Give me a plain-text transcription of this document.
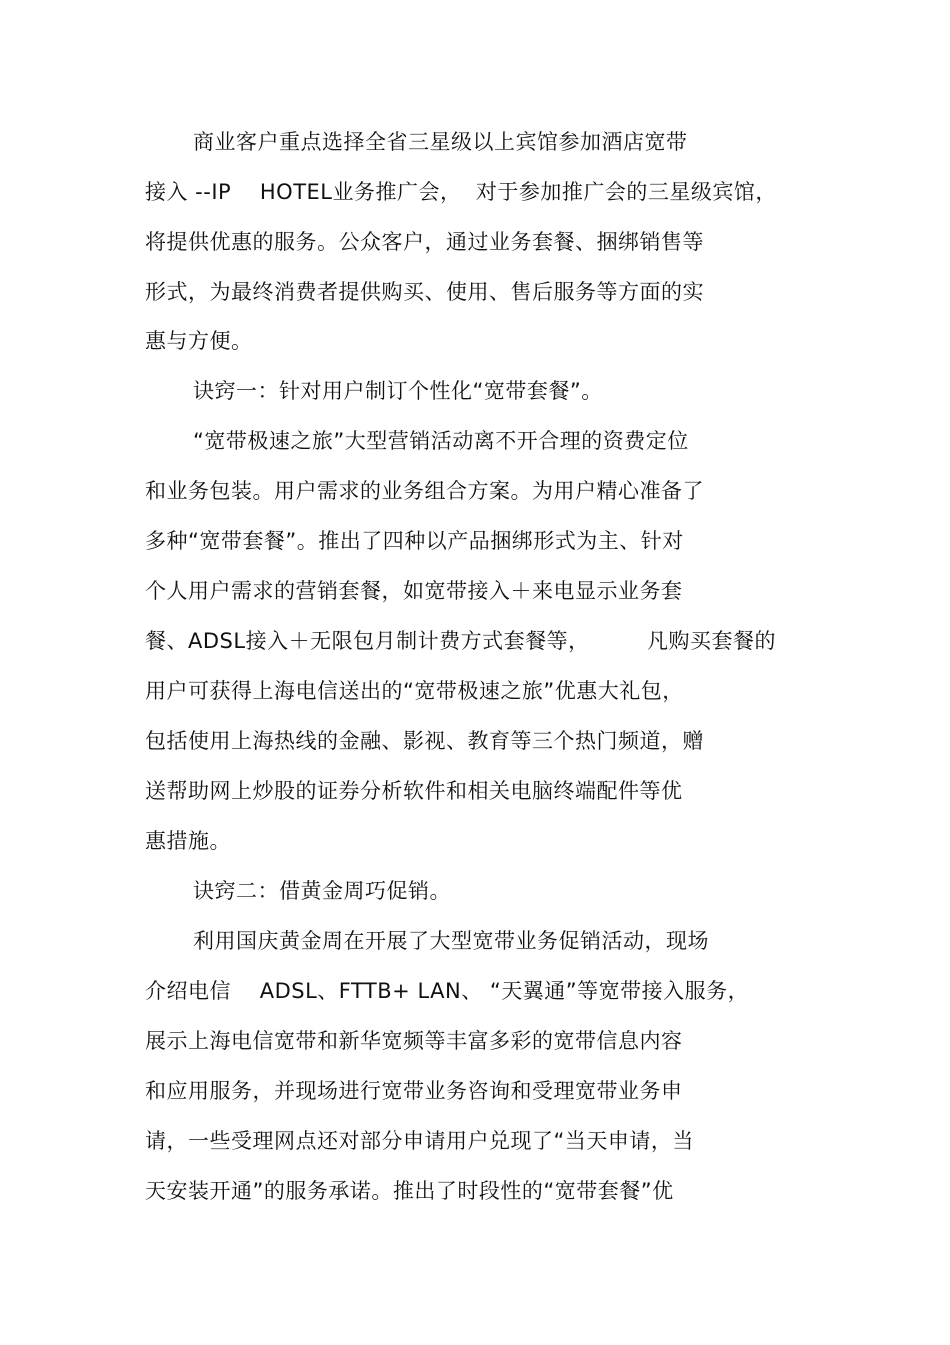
商业客户重点选择全省三星级以上宾馆参加酒店宽带
接入 --IP    HOTEL业务推广会，  对于参加推广会的三星级宾馆，
将提供优惠的服务。公众客户，通过业务套餐、捆绑销售等
形式，为最终消费者提供购买、使用、售后服务等方面的实
惠与方便。
诀窍一：针对用户制订个性化“宽带套餐”。
“宽带极速之旅”大型营销活动离不开合理的资费定位
和业务包装。用户需求的业务组合方案。为用户精心准备了
多种“宽带套餐”。推出了四种以产品捆绑形式为主、针对
个人用户需求的营销套餐，如宽带接入＋来电显示业务套
餐、ADSL接入＋无限包月制计费方式套餐等，        凡购买套餐的
用户可获得上海电信送出的“宽带极速之旅”优惠大礼包，
包括使用上海热线的金融、影视、教育等三个热门频道，赠
送帮助网上炒股的证券分析软件和相关电脑终端配件等优
惠措施。
诀窍二：借黄金周巧促销。
利用国庆黄金周在开展了大型宽带业务促销活动，现场
介绍电信    ADSL、FTTB+ LAN、 “天翼通”等宽带接入服务，
展示上海电信宽带和新华宽频等丰富多彩的宽带信息内容
和应用服务，并现场进行宽带业务咨询和受理宽带业务申
请，一些受理网点还对部分申请用户兑现了“当天申请，当
天安装开通”的服务承诺。推出了时段性的“宽带套餐”优
